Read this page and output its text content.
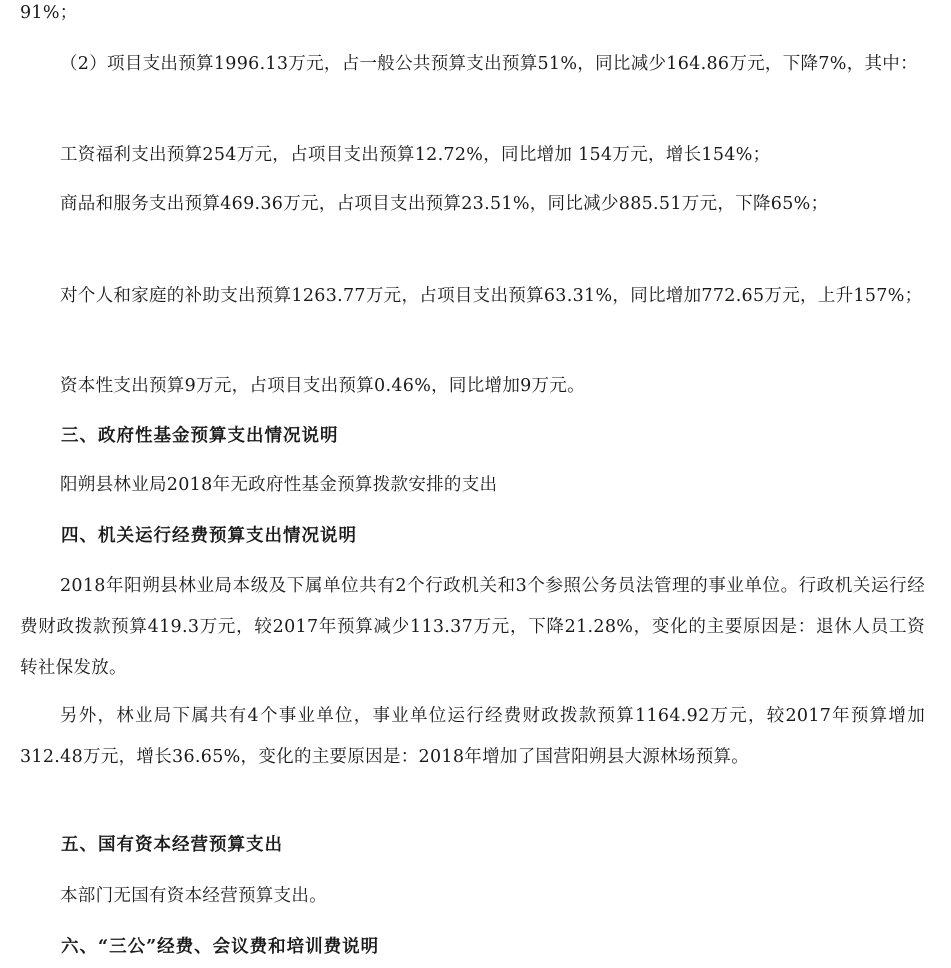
91%；

（2）项目支出预算1996.13万元，占一般公共预算支出预算51%，同比减少164.86万元，下降7%，其中：

工资福利支出预算254万元，占项目支出预算12.72%，同比增加 154万元，增长154%；

商品和服务支出预算469.36万元，占项目支出预算23.51%，同比减少885.51万元，下降65%；

对个人和家庭的补助支出预算1263.77万元，占项目支出预算63.31%，同比增加772.65万元，上升157%；

资本性支出预算9万元，占项目支出预算0.46%，同比增加9万元。

三、政府性基金预算支出情况说明

阳朔县林业局2018年无政府性基金预算拨款安排的支出

四、机关运行经费预算支出情况说明

2018年阳朔县林业局本级及下属单位共有2个行政机关和3个参照公务员法管理的事业单位。行政机关运行经费财政拨款预算419.3万元，较2017年预算减少113.37万元，下降21.28%，变化的主要原因是：退休人员工资转社保发放。

另外，林业局下属共有4个事业单位，事业单位运行经费财政拨款预算1164.92万元，较2017年预算增加312.48万元，增长36.65%，变化的主要原因是：2018年增加了国营阳朔县大源林场预算。

五、国有资本经营预算支出

本部门无国有资本经营预算支出。

六、“三公”经费、会议费和培训费说明
